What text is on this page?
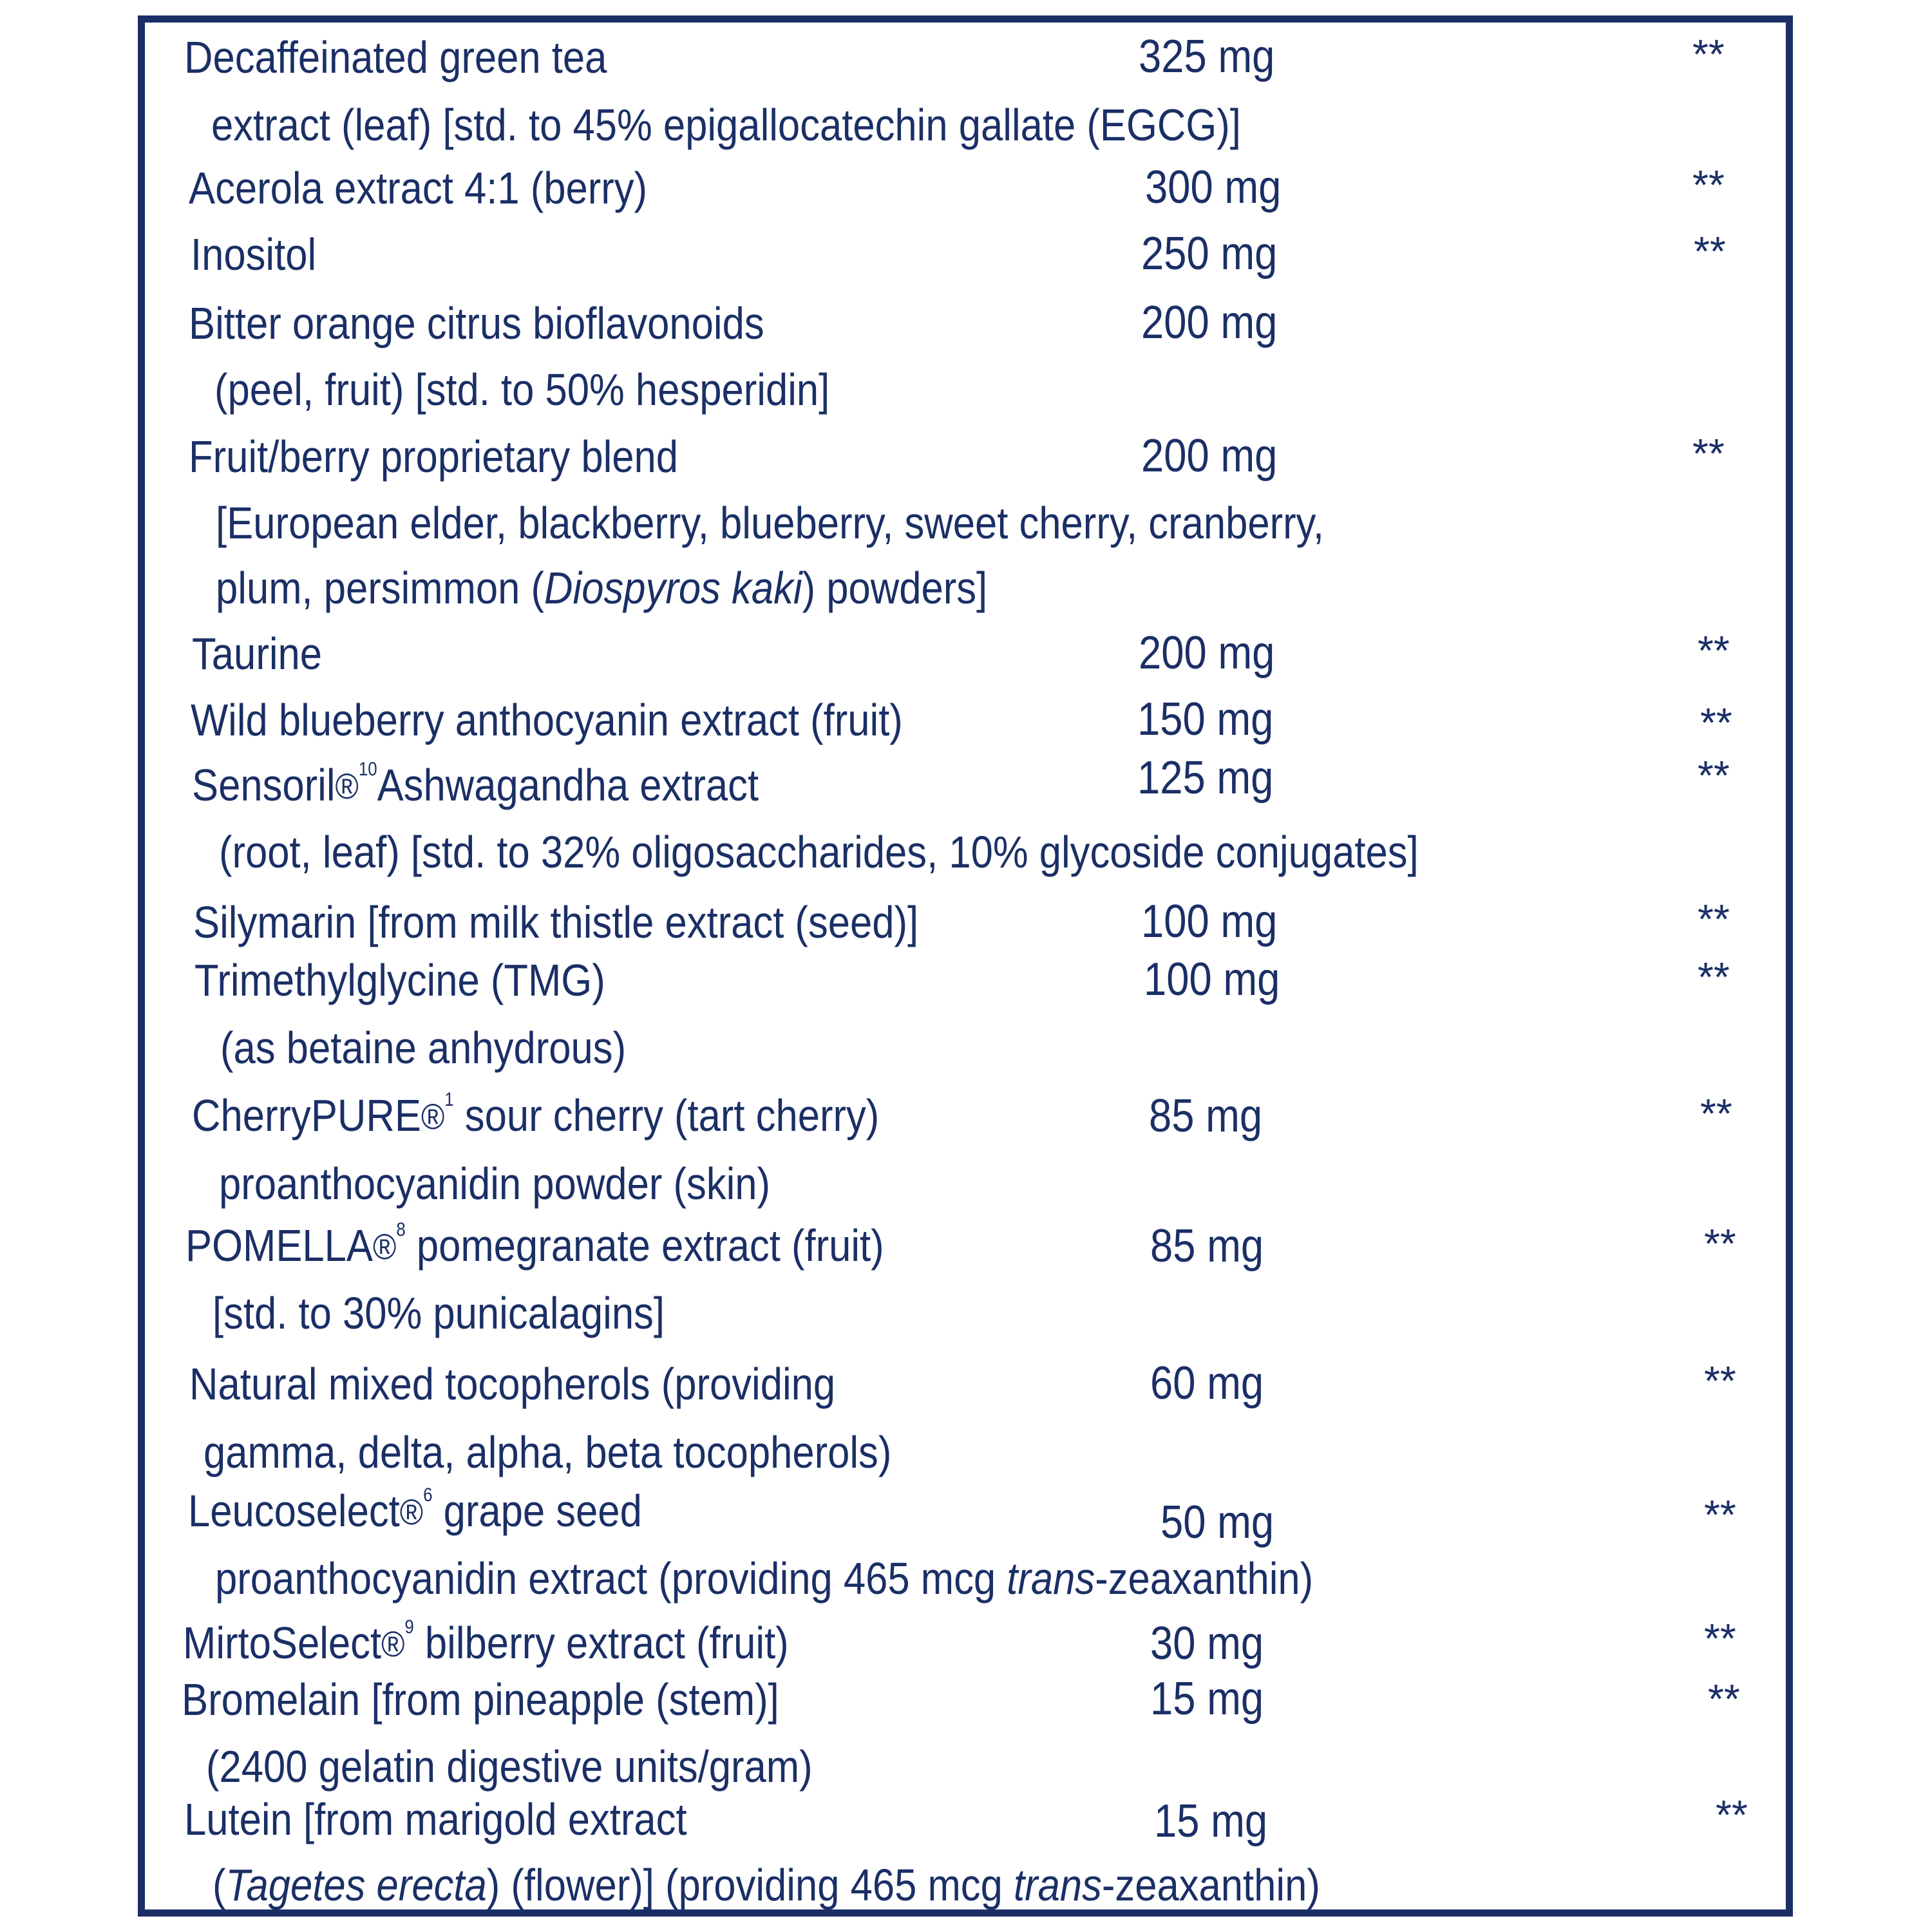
Decaffeinated green tea	325 mg	**
extract (leaf) [std. to 45% epigallocatechin gallate (EGCG)]
Acerola extract 4:1 (berry)	300 mg	**
Inositol	250 mg	**
Bitter orange citrus bioflavonoids	200 mg
(peel, fruit) [std. to 50% hesperidin]
Fruit/berry proprietary blend	200 mg	**
[European elder, blackberry, blueberry, sweet cherry, cranberry,
plum, persimmon (Diospyros kaki) powders]
Taurine	200 mg	**
Wild blueberry anthocyanin extract (fruit)	150 mg	**
Sensoril®$^{10}$Ashwagandha extract	125 mg	**
(root, leaf) [std. to 32% oligosaccharides, 10% glycoside conjugates]
Silymarin [from milk thistle extract (seed)]	100 mg	**
Trimethylglycine (TMG)	100 mg	**
(as betaine anhydrous)
CherryPURE®$^1$ sour cherry (tart cherry)	85 mg	**
proanthocyanidin powder (skin)
POMELLA®$^8$ pomegranate extract (fruit)	85 mg	**
[std. to 30% punicalagins]
Natural mixed tocopherols (providing	60 mg	**
gamma, delta, alpha, beta tocopherols)
Leucoselect®$^6$ grape seed	50 mg	**
proanthocyanidin extract (providing 465 mcg trans-zeaxanthin)
MirtoSelect®$^9$ bilberry extract (fruit)	30 mg	**
Bromelain [from pineapple (stem)]	15 mg	**
(2400 gelatin digestive units/gram)
Lutein [from marigold extract	15 mg	**
(Tagetes erecta) (flower)] (providing 465 mcg trans-zeaxanthin)
